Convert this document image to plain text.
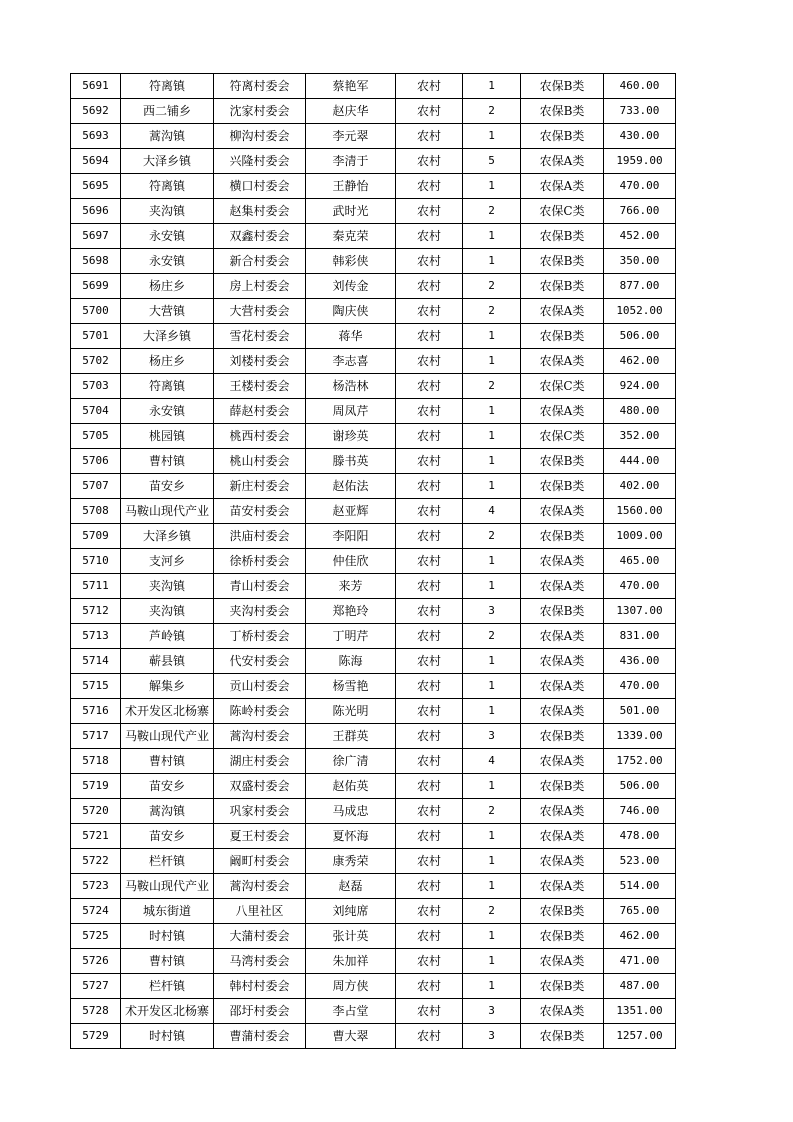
5691	符离镇	符离村委会	蔡艳军	农村	1	农保B类	460.00
5692	西二铺乡	沈家村委会	赵庆华	农村	2	农保B类	733.00
5693	蒿沟镇	柳沟村委会	李元翠	农村	1	农保B类	430.00
5694	大泽乡镇	兴隆村委会	李清于	农村	5	农保A类	1959.00
5695	符离镇	横口村委会	王静怡	农村	1	农保A类	470.00
5696	夹沟镇	赵集村委会	武时光	农村	2	农保C类	766.00
5697	永安镇	双鑫村委会	秦克荣	农村	1	农保B类	452.00
5698	永安镇	新合村委会	韩彩侠	农村	1	农保B类	350.00
5699	杨庄乡	房上村委会	刘传金	农村	2	农保B类	877.00
5700	大营镇	大营村委会	陶庆侠	农村	2	农保A类	1052.00
5701	大泽乡镇	雪花村委会	蒋华	农村	1	农保B类	506.00
5702	杨庄乡	刘楼村委会	李志喜	农村	1	农保A类	462.00
5703	符离镇	王楼村委会	杨浩林	农村	2	农保C类	924.00
5704	永安镇	薛赵村委会	周凤芹	农村	1	农保A类	480.00
5705	桃园镇	桃西村委会	谢珍英	农村	1	农保C类	352.00
5706	曹村镇	桃山村委会	滕书英	农村	1	农保B类	444.00
5707	苗安乡	新庄村委会	赵佑法	农村	1	农保B类	402.00
5708	马鞍山现代产业	苗安村委会	赵亚辉	农村	4	农保A类	1560.00
5709	大泽乡镇	洪庙村委会	李阳阳	农村	2	农保B类	1009.00
5710	支河乡	徐桥村委会	仲佳欣	农村	1	农保A类	465.00
5711	夹沟镇	青山村委会	来芳	农村	1	农保A类	470.00
5712	夹沟镇	夹沟村委会	郑艳玲	农村	3	农保B类	1307.00
5713	芦岭镇	丁桥村委会	丁明芹	农村	2	农保A类	831.00
5714	蕲县镇	代安村委会	陈海	农村	1	农保A类	436.00
5715	解集乡	贡山村委会	杨雪艳	农村	1	农保A类	470.00
5716	术开发区北杨寨	陈岭村委会	陈光明	农村	1	农保A类	501.00
5717	马鞍山现代产业	蒿沟村委会	王群英	农村	3	农保B类	1339.00
5718	曹村镇	湖庄村委会	徐广清	农村	4	农保A类	1752.00
5719	苗安乡	双盛村委会	赵佑英	农村	1	农保B类	506.00
5720	蒿沟镇	巩家村委会	马成忠	农村	2	农保A类	746.00
5721	苗安乡	夏王村委会	夏怀海	农村	1	农保A类	478.00
5722	栏杆镇	阚町村委会	康秀荣	农村	1	农保A类	523.00
5723	马鞍山现代产业	蒿沟村委会	赵磊	农村	1	农保A类	514.00
5724	城东街道	八里社区	刘纯席	农村	2	农保B类	765.00
5725	时村镇	大蒲村委会	张计英	农村	1	农保B类	462.00
5726	曹村镇	马湾村委会	朱加祥	农村	1	农保A类	471.00
5727	栏杆镇	韩村村委会	周方侠	农村	1	农保B类	487.00
5728	术开发区北杨寨	邵圩村委会	李占堂	农村	3	农保A类	1351.00
5729	时村镇	曹蒲村委会	曹大翠	农村	3	农保B类	1257.00
